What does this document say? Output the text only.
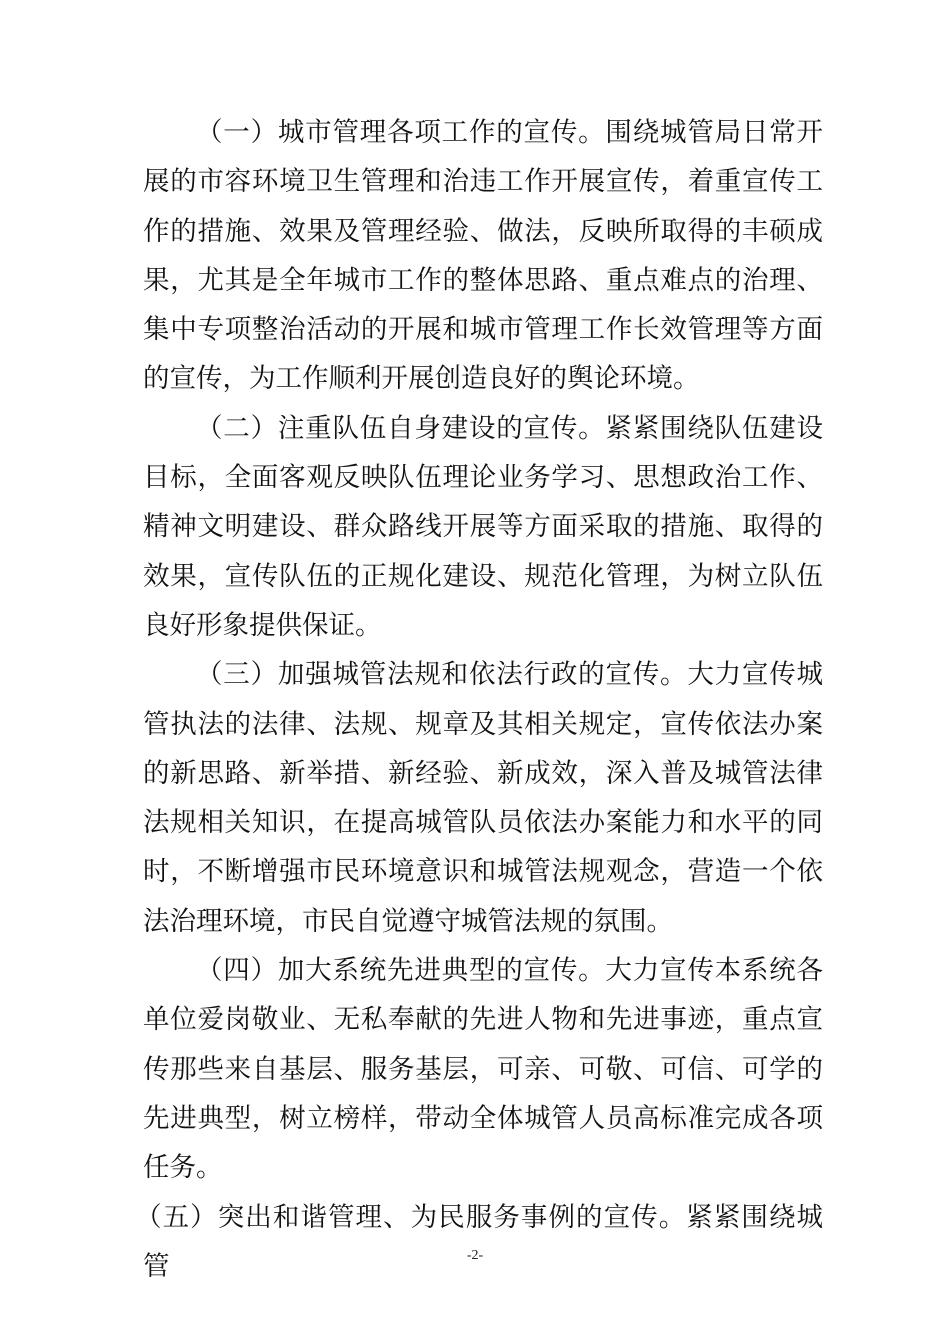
（一）城市管理各项工作的宣传。围绕城管局日常开展的市容环境卫生管理和治违工作开展宣传，着重宣传工作的措施、效果及管理经验、做法，反映所取得的丰硕成果，尤其是全年城市工作的整体思路、重点难点的治理、集中专项整治活动的开展和城市管理工作长效管理等方面的宣传，为工作顺利开展创造良好的舆论环境。

（二）注重队伍自身建设的宣传。紧紧围绕队伍建设目标，全面客观反映队伍理论业务学习、思想政治工作、精神文明建设、群众路线开展等方面采取的措施、取得的效果，宣传队伍的正规化建设、规范化管理，为树立队伍良好形象提供保证。

（三）加强城管法规和依法行政的宣传。大力宣传城管执法的法律、法规、规章及其相关规定，宣传依法办案的新思路、新举措、新经验、新成效，深入普及城管法律法规相关知识，在提高城管队员依法办案能力和水平的同时，不断增强市民环境意识和城管法规观念，营造一个依法治理环境，市民自觉遵守城管法规的氛围。

（四）加大系统先进典型的宣传。大力宣传本系统各单位爱岗敬业、无私奉献的先进人物和先进事迹，重点宣传那些来自基层、服务基层，可亲、可敬、可信、可学的先进典型，树立榜样，带动全体城管人员高标准完成各项任务。

（五）突出和谐管理、为民服务事例的宣传。紧紧围绕城管	-2-
